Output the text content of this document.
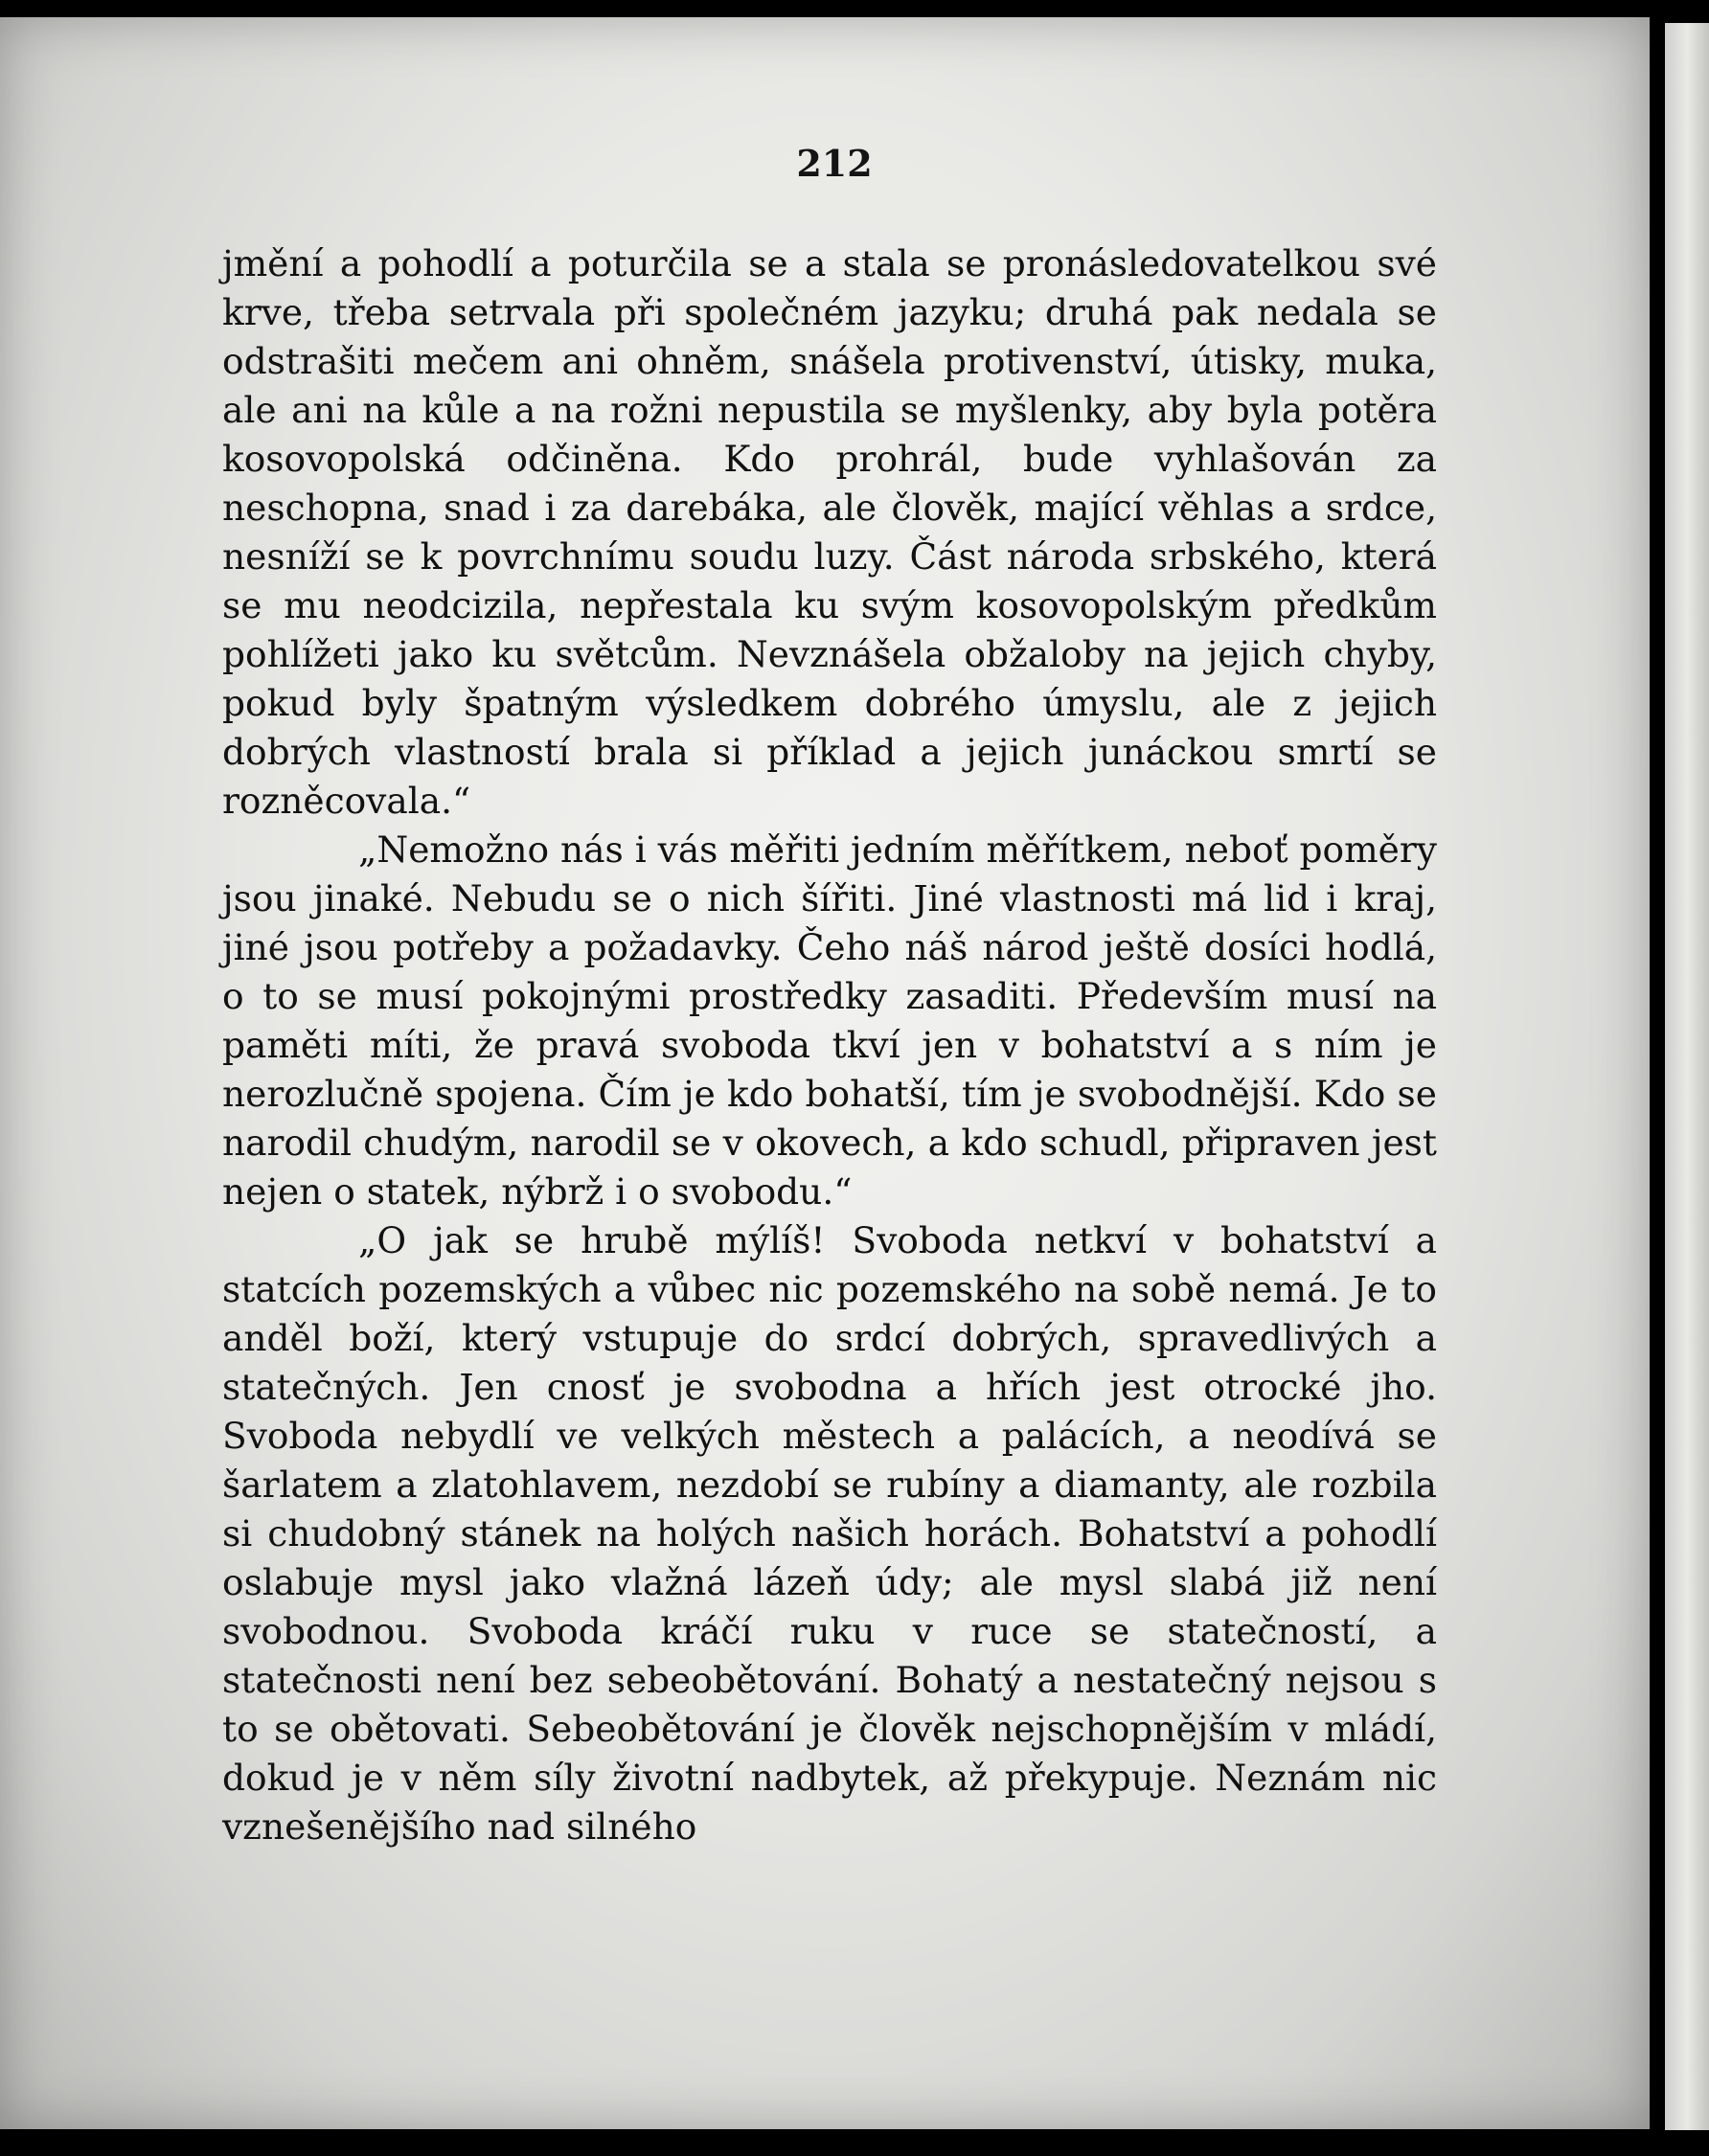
212

jmění a pohodlí a poturčila se a stala se pronásledovatelkou své krve, třeba setrvala při společném jazyku; druhá pak nedala se odstrašiti mečem ani ohněm, snášela protivenství, útisky, muka, ale ani na kůle a na rožni nepustila se myšlenky, aby byla potěra kosovopolská odčiněna. Kdo prohrál, bude vyhlašován za neschopna, snad i za darebáka, ale člověk, mající věhlas a srdce, nesníží se k povrchnímu soudu luzy. Část národa srbského, která se mu neodcizila, nepřestala ku svým kosovopolským předkům pohlížeti jako ku světcům. Nevznášela obžaloby na jejich chyby, pokud byly špatným výsledkem dobrého úmyslu, ale z jejich dobrých vlastností brala si příklad a jejich junáckou smrtí se rozněcovala.“

„Nemožno nás i vás měřiti jedním měřítkem, neboť poměry jsou jinaké. Nebudu se o nich šířiti. Jiné vlastnosti má lid i kraj, jiné jsou potřeby a požadavky. Čeho náš národ ještě dosíci hodlá, o to se musí pokojnými prostředky zasaditi. Především musí na paměti míti, že pravá svoboda tkví jen v bohatství a s ním je nerozlučně spojena. Čím je kdo bohatší, tím je svobodnější. Kdo se narodil chudým, narodil se v okovech, a kdo schudl, připraven jest nejen o statek, nýbrž i o svobodu.“

„O jak se hrubě mýlíš! Svoboda netkví v bohatství a statcích pozemských a vůbec nic pozemského na sobě nemá. Je to anděl boží, který vstupuje do srdcí dobrých, spravedlivých a statečných. Jen cnosť je svobodna a hřích jest otrocké jho. Svoboda nebydlí ve velkých městech a palácích, a neodívá se šarlatem a zlatohlavem, nezdobí se rubíny a diamanty, ale rozbila si chudobný stánek na holých našich horách. Bohatství a pohodlí oslabuje mysl jako vlažná lázeň údy; ale mysl slabá již není svobodnou. Svoboda kráčí ruku v ruce se statečností, a statečnosti není bez sebeobětování. Bohatý a nestatečný nejsou s to se obětovati. Sebeobětování je člověk nejschopnějším v mládí, dokud je v něm síly životní nadbytek, až překypuje. Neznám nic vznešenějšího nad silného
